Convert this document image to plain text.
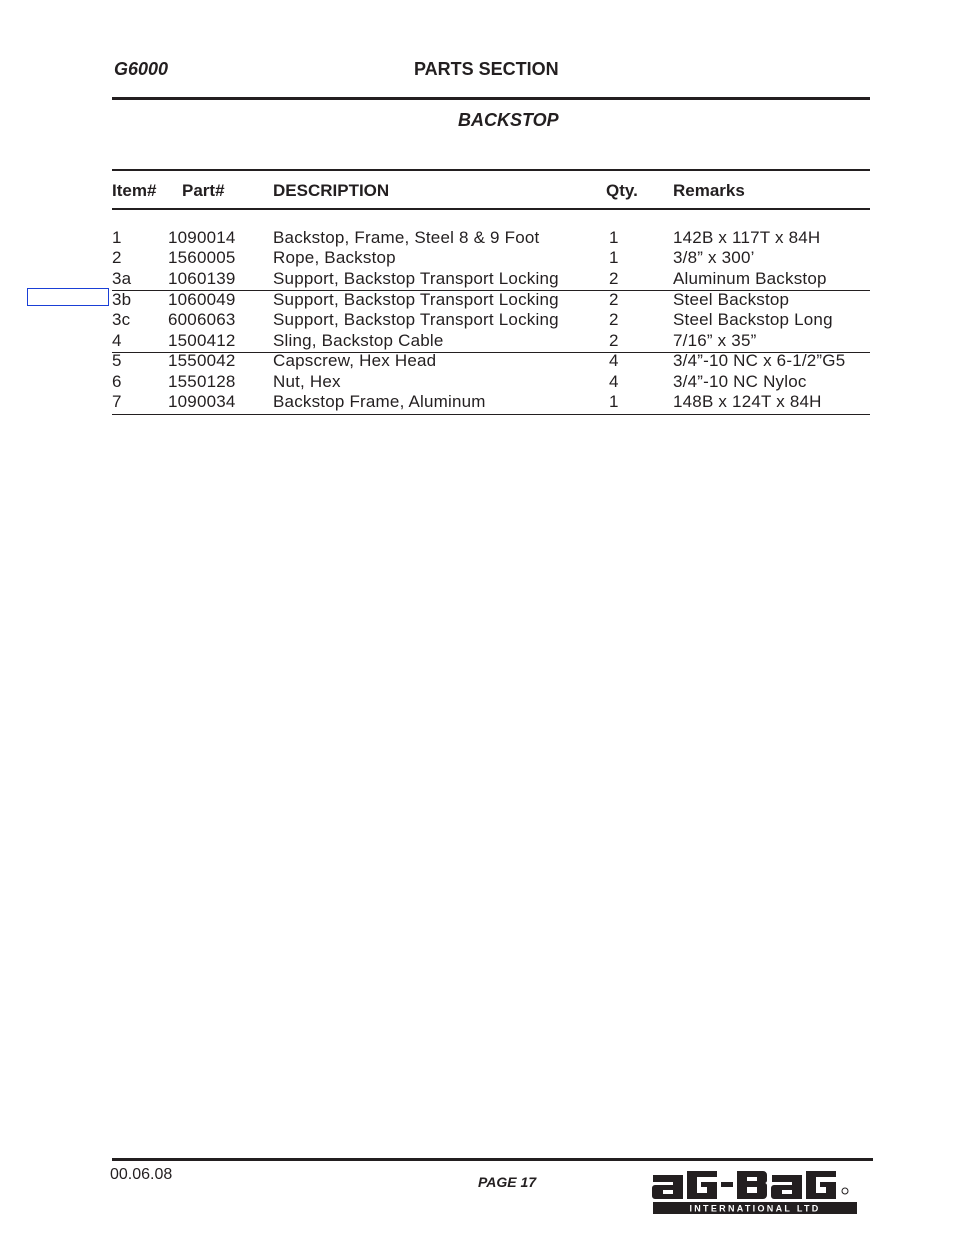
G6000	PARTS SECTION
BACKSTOP
Item# Part#	DESCRIPTION	Qty. Remarks
1	1090014 Backstop, Frame, Steel 8 & 9 Foot	1	142B x 117T x 84H
2	1560005 Rope, Backstop	1	3/8” x 300’
3a 1060139 Support, Backstop Transport Locking	2	Aluminum Backstop
3b 1060049 Support, Backstop Transport Locking	2	Steel Backstop
3c 6006063 Support, Backstop Transport Locking	2	Steel Backstop Long
4	1500412 Sling, Backstop Cable	2	7/16” x 35”
5	1550042 Capscrew, Hex Head	4	3/4”-10 NC x 6-1/2”G5
6	1550128 Nut, Hex	4	3/4”-10 NC Nyloc
7	1090034 Backstop Frame, Aluminum	1	148B x 124T x 84H
00.06.08	PAGE 17
INTERNATIONAL LTD
